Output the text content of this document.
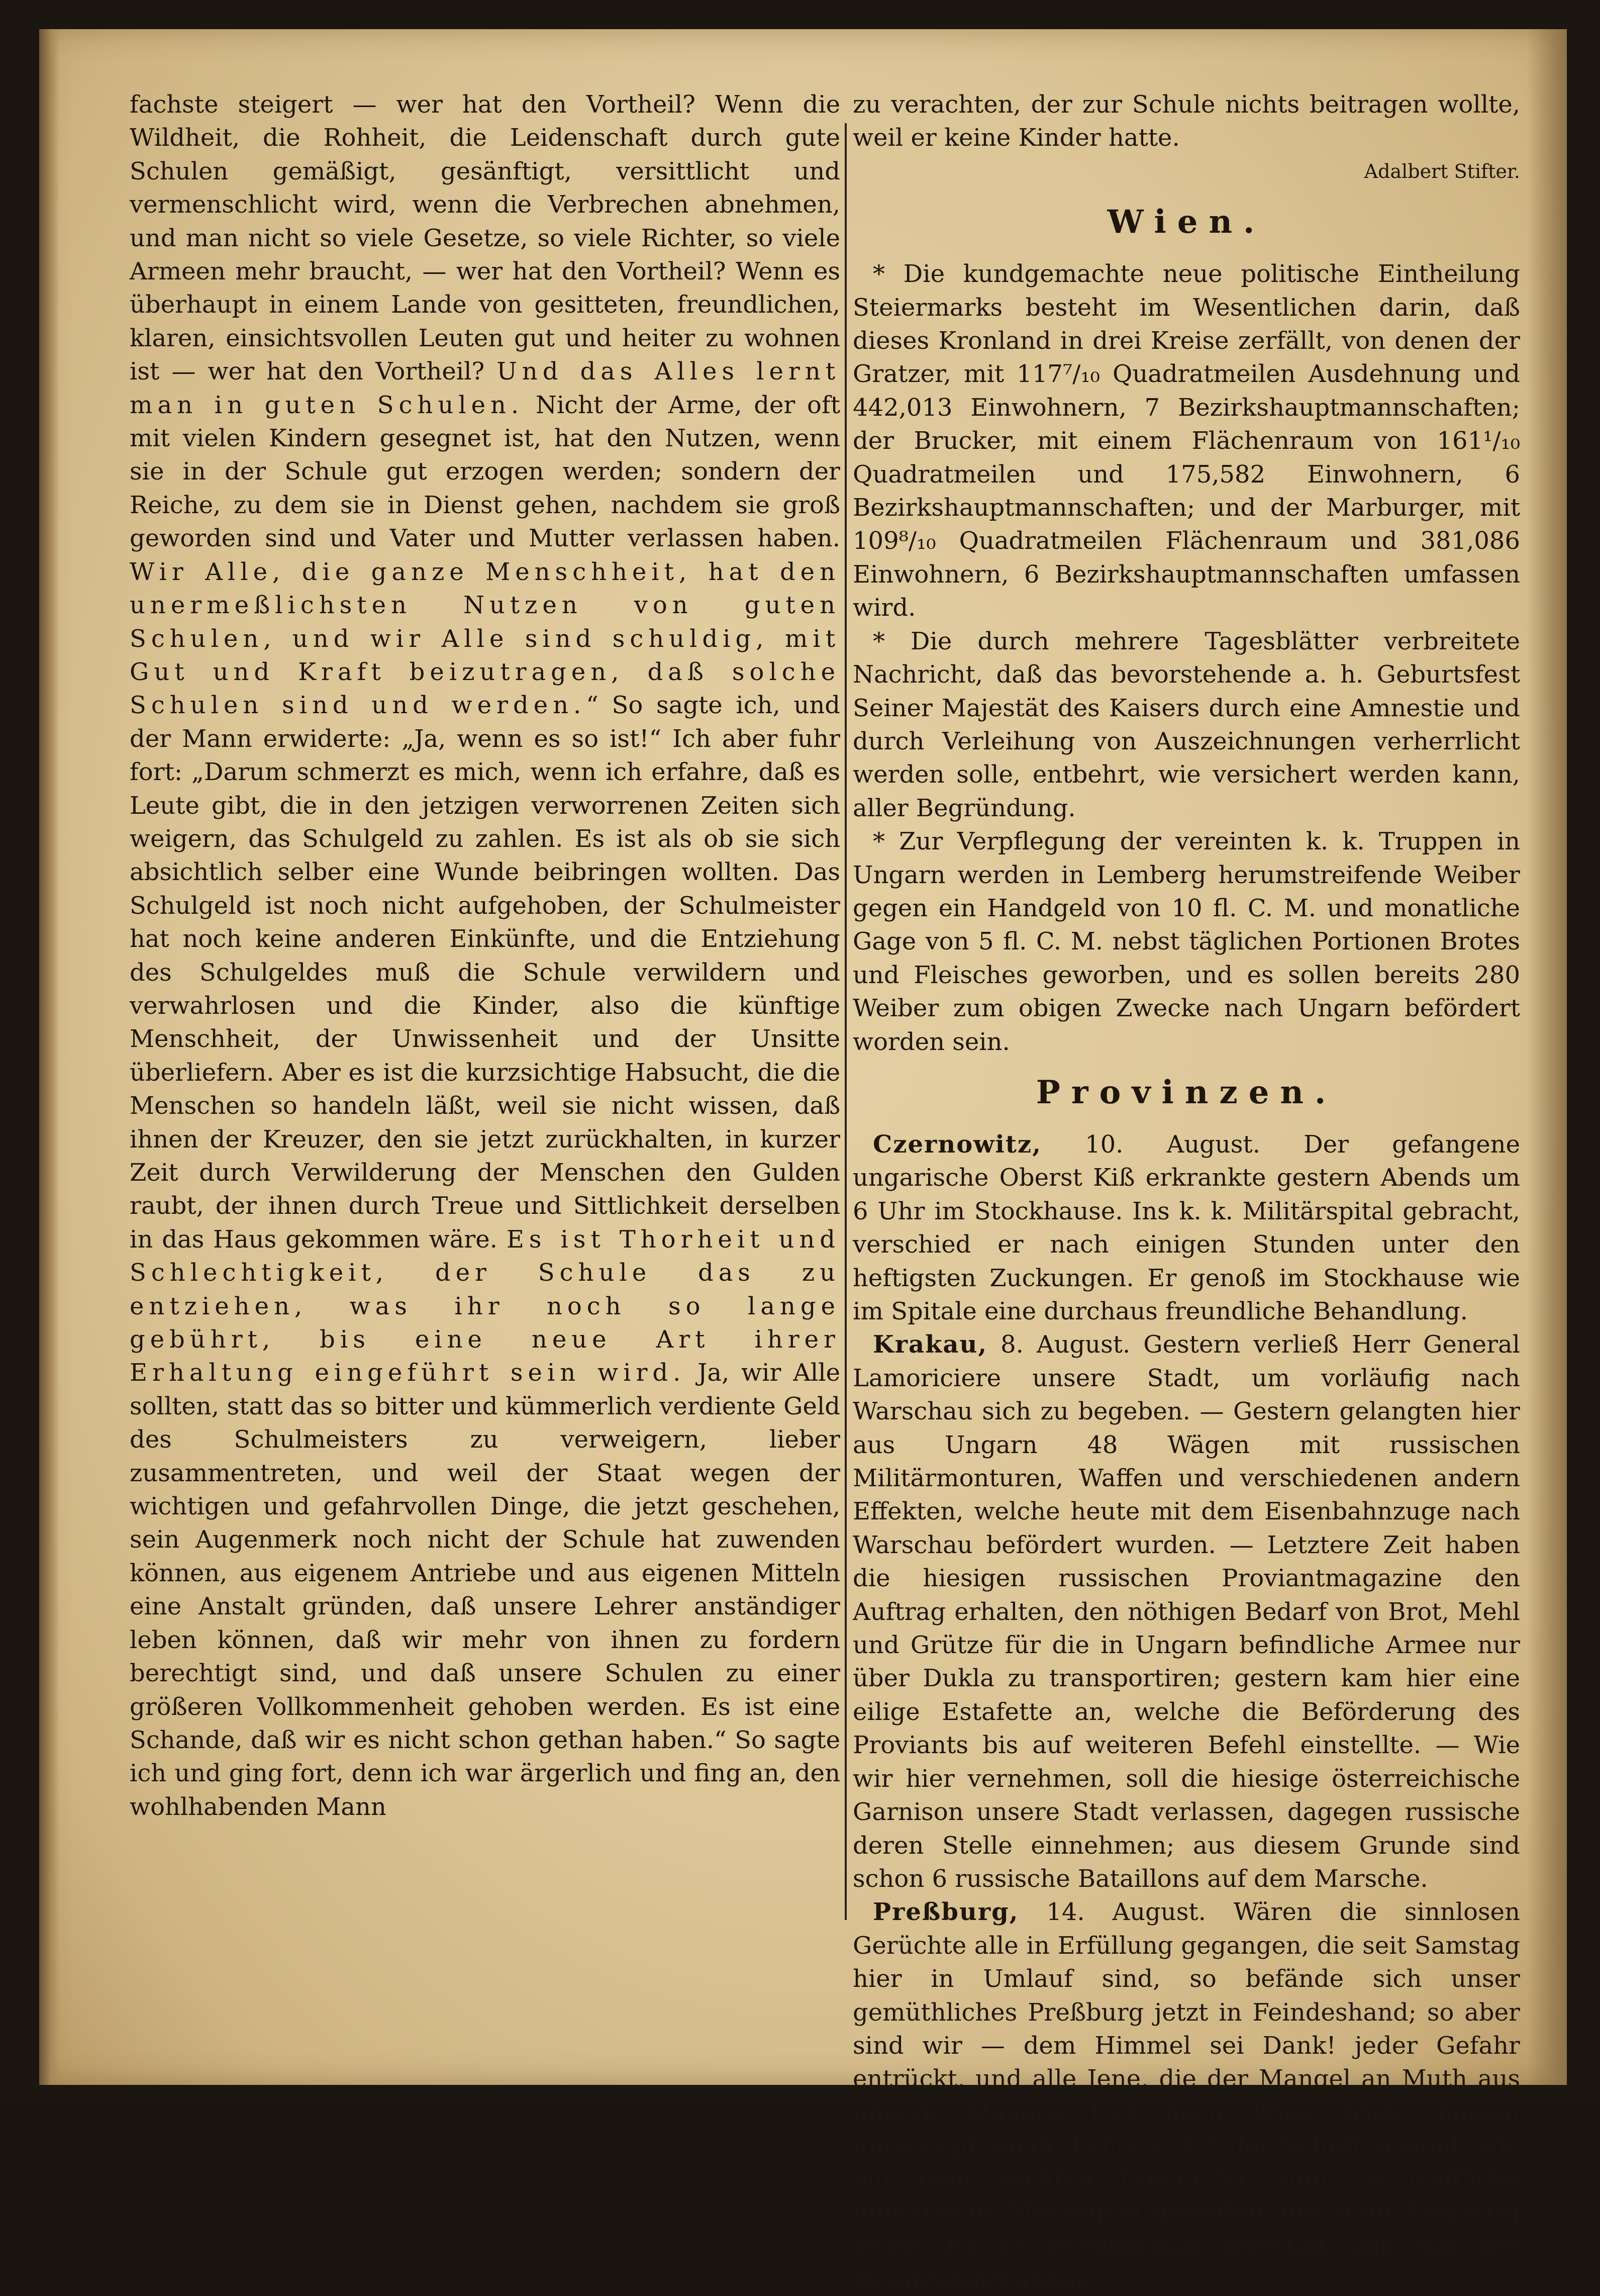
fachste steigert — wer hat den Vortheil? Wenn die Wildheit, die Rohheit, die Leidenschaft durch gute Schulen gemäßigt, gesänftigt, versittlicht und vermenschlicht wird, wenn die Verbrechen abnehmen, und man nicht so viele Gesetze, so viele Richter, so viele Armeen mehr braucht, — wer hat den Vortheil? Wenn es überhaupt in einem Lande von gesitteten, freundlichen, klaren, einsichtsvollen Leuten gut und heiter zu wohnen ist — wer hat den Vortheil? Und das Alles lernt man in guten Schulen. Nicht der Arme, der oft mit vielen Kindern gesegnet ist, hat den Nutzen, wenn sie in der Schule gut erzogen werden; sondern der Reiche, zu dem sie in Dienst gehen, nachdem sie groß geworden sind und Vater und Mutter verlassen haben. Wir Alle, die ganze Menschheit, hat den unermeßlichsten Nutzen von guten Schulen, und wir Alle sind schuldig, mit Gut und Kraft beizutragen, daß solche Schulen sind und werden.“ So sagte ich, und der Mann erwiderte: „Ja, wenn es so ist!“ Ich aber fuhr fort: „Darum schmerzt es mich, wenn ich erfahre, daß es Leute gibt, die in den jetzigen verworrenen Zeiten sich weigern, das Schulgeld zu zahlen. Es ist als ob sie sich absichtlich selber eine Wunde beibringen wollten. Das Schulgeld ist noch nicht aufgehoben, der Schulmeister hat noch keine anderen Einkünfte, und die Entziehung des Schulgeldes muß die Schule verwildern und verwahrlosen und die Kinder, also die künftige Menschheit, der Unwissenheit und der Unsitte überliefern. Aber es ist die kurzsichtige Habsucht, die die Menschen so handeln läßt, weil sie nicht wissen, daß ihnen der Kreuzer, den sie jetzt zurückhalten, in kurzer Zeit durch Verwilderung der Menschen den Gulden raubt, der ihnen durch Treue und Sittlichkeit derselben in das Haus gekommen wäre. Es ist Thorheit und Schlechtigkeit, der Schule das zu entziehen, was ihr noch so lange gebührt, bis eine neue Art ihrer Erhaltung eingeführt sein wird. Ja, wir Alle sollten, statt das so bitter und kümmerlich verdiente Geld des Schulmeisters zu verweigern, lieber zusammentreten, und weil der Staat wegen der wichtigen und gefahrvollen Dinge, die jetzt geschehen, sein Augenmerk noch nicht der Schule hat zuwenden können, aus eigenem Antriebe und aus eigenen Mitteln eine Anstalt gründen, daß unsere Lehrer anständiger leben können, daß wir mehr von ihnen zu fordern berechtigt sind, und daß unsere Schulen zu einer größeren Vollkommenheit gehoben werden. Es ist eine Schande, daß wir es nicht schon gethan haben.“ So sagte ich und ging fort, denn ich war ärgerlich und fing an, den wohlhabenden Mann

zu verachten, der zur Schule nichts beitragen wollte, weil er keine Kinder hatte.

Adalbert Stifter.

Wien.

* Die kundgemachte neue politische Eintheilung Steiermarks besteht im Wesentlichen darin, daß dieses Kronland in drei Kreise zerfällt, von denen der Gratzer, mit 117⁷/₁₀ Quadratmeilen Ausdehnung und 442,013 Einwohnern, 7 Bezirkshauptmannschaften; der Brucker, mit einem Flächenraum von 161¹/₁₀ Quadratmeilen und 175,582 Einwohnern, 6 Bezirkshauptmannschaften; und der Marburger, mit 109⁸/₁₀ Quadratmeilen Flächenraum und 381,086 Einwohnern, 6 Bezirkshauptmannschaften umfassen wird.

* Die durch mehrere Tagesblätter verbreitete Nachricht, daß das bevorstehende a. h. Geburtsfest Seiner Majestät des Kaisers durch eine Amnestie und durch Verleihung von Auszeichnungen verherrlicht werden solle, entbehrt, wie versichert werden kann, aller Begründung.

* Zur Verpflegung der vereinten k. k. Truppen in Ungarn werden in Lemberg herumstreifende Weiber gegen ein Handgeld von 10 fl. C. M. und monatliche Gage von 5 fl. C. M. nebst täglichen Portionen Brotes und Fleisches geworben, und es sollen bereits 280 Weiber zum obigen Zwecke nach Ungarn befördert worden sein.

Provinzen.

Czernowitz, 10. August. Der gefangene ungarische Oberst Kiß erkrankte gestern Abends um 6 Uhr im Stockhause. Ins k. k. Militärspital gebracht, verschied er nach einigen Stunden unter den heftigsten Zuckungen. Er genoß im Stockhause wie im Spitale eine durchaus freundliche Behandlung.

Krakau, 8. August. Gestern verließ Herr General Lamoriciere unsere Stadt, um vorläufig nach Warschau sich zu begeben. — Gestern gelangten hier aus Ungarn 48 Wägen mit russischen Militärmonturen, Waffen und verschiedenen andern Effekten, welche heute mit dem Eisenbahnzuge nach Warschau befördert wurden. — Letztere Zeit haben die hiesigen russischen Proviantmagazine den Auftrag erhalten, den nöthigen Bedarf von Brot, Mehl und Grütze für die in Ungarn befindliche Armee nur über Dukla zu transportiren; gestern kam hier eine eilige Estafette an, welche die Beförderung des Proviants bis auf weiteren Befehl einstellte. — Wie wir hier vernehmen, soll die hiesige österreichische Garnison unsere Stadt verlassen, dagegen russische deren Stelle einnehmen; aus diesem Grunde sind schon 6 russische Bataillons auf dem Marsche.

Preßburg, 14. August. Wären die sinnlosen Gerüchte alle in Erfüllung gegangen, die seit Samstag hier in Umlauf sind, so befände sich unser gemüthliches Preßburg jetzt in Feindeshand; so aber sind wir — dem Himmel sei Dank! jeder Gefahr entrückt, und alle Jene, die der Mangel an Muth aus unsern Mauern fort nach Wien trieb, mögen unbesorgt wiederkehren. Auf der Schütt sowohl, wie auf dem rechten Donauufer sind so treffliche militärische Maßregeln getroffen, die Stadt Preßburg selbst ist so zweckmäßig befestigt und hat der Besatzungstruppen
